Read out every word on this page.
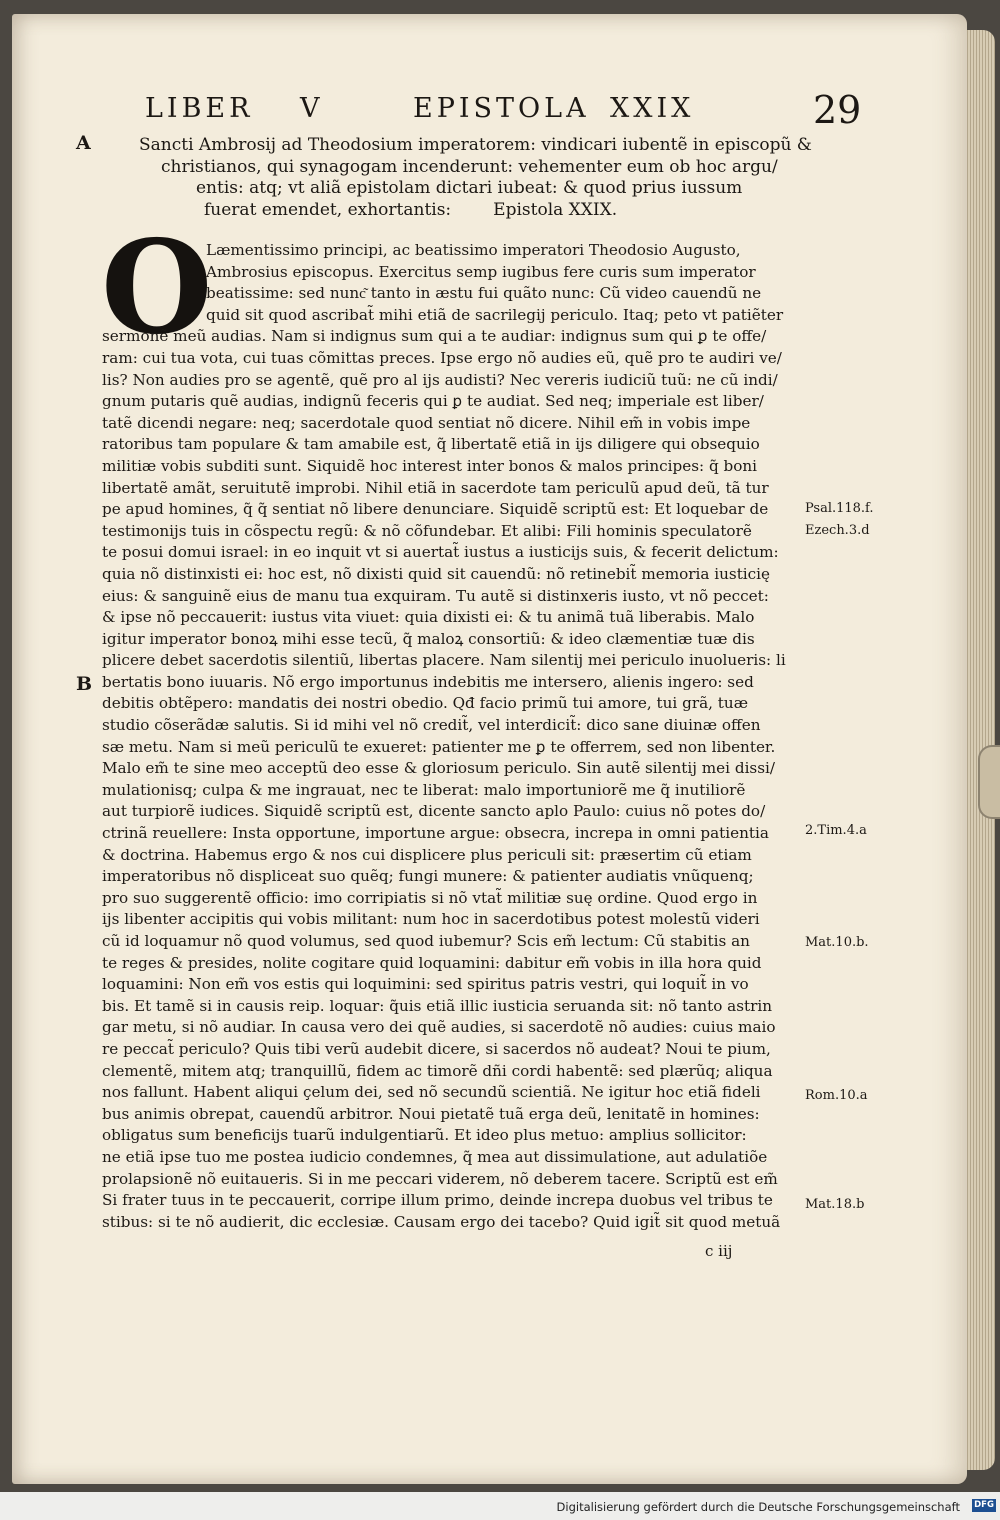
LIBER V	EPISTOLA XXIX	29
A
B
Sancti Ambrosij ad Theodosium imperatorem: vindicari iubentẽ in episcopũ &
christianos, qui synagogam incenderunt: vehementer eum ob hoc argu/
entis: atq; vt aliã epistolam dictari iubeat: & quod prius iussum
fuerat emendet, exhortantis: Epistola XXIX.
O
Læmentissimo principi, ac beatissimo imperatori Theodosio Augusto,
Ambrosius episcopus. Exercitus semp iugibus fere curis sum imperator
beatissime: sed nunc͂ tanto in æstu fui quãto nunc: Cũ video cauendũ ne
quid sit quod ascribat̃ mihi etiã de sacrilegij periculo. Itaq; peto vt patiẽter
sermonẽ meũ audias. Nam si indignus sum qui a te audiar: indignus sum qui ꝑ te offe/
ram: cui tua vota, cui tuas cõmittas preces. Ipse ergo nõ audies eũ, quẽ pro te audiri ve/
lis? Non audies pro se agentẽ, quẽ pro al ijs audisti? Nec vereris iudiciũ tuũ: ne cũ indi/
gnum putaris quẽ audias, indignũ feceris qui ꝑ te audiat. Sed neq; imperiale est liber/
tatẽ dicendi negare: neq; sacerdotale quod sentiat nõ dicere. Nihil em̃ in vobis impe
ratoribus tam populare & tam amabile est, q̃ libertatẽ etiã in ijs diligere qui obsequio
militiæ vobis subditi sunt. Siquidẽ hoc interest inter bonos & malos principes: q̃ boni
libertatẽ amãt, seruitutẽ improbi. Nihil etiã in sacerdote tam periculũ apud deũ, tã tur
pe apud homines, q̃ q̃ sentiat nõ libere denunciare. Siquidẽ scriptũ est: Et loquebar de
testimonijs tuis in cõspectu regũ: & nõ cõfundebar. Et alibi: Fili hominis speculatorẽ
te posui domui israel: in eo inquit vt si auertat̃ iustus a iusticijs suis, & fecerit delictum:
quia nõ distinxisti ei: hoc est, nõ dixisti quid sit cauendũ: nõ retinebit̃ memoria iusticię
eius: & sanguinẽ eius de manu tua exquiram. Tu autẽ si distinxeris iusto, vt nõ peccet:
& ipse nõ peccauerit: iustus vita viuet: quia dixisti ei: & tu animã tuã liberabis. Malo
igitur imperator bonoꝝ mihi esse tecũ, q̃ maloꝝ consortiũ: & ideo clæmentiæ tuæ dis
plicere debet sacerdotis silentiũ, libertas placere. Nam silentij mei periculo inuolueris: li
bertatis bono iuuaris. Nõ ergo importunus indebitis me intersero, alienis ingero: sed
debitis obtẽpero: mandatis dei nostri obedio. Qđ facio primũ tui amore, tui grã, tuæ
studio cõserãdæ salutis. Si id mihi vel nõ credit̃, vel interdicit̃: dico sane diuinæ offen
sæ metu. Nam si meũ periculũ te exueret: patienter me ꝑ te offerrem, sed non libenter.
Malo em̃ te sine meo acceptũ deo esse & gloriosum periculo. Sin autẽ silentij mei dissi/
mulationisq; culpa & me ingrauat, nec te liberat: malo importuniorẽ me q̃ inutiliorẽ
aut turpiorẽ iudices. Siquidẽ scriptũ est, dicente sancto aplo Paulo: cuius nõ potes do/
ctrinã reuellere: Insta opportune, importune argue: obsecra, increpa in omni patientia
& doctrina. Habemus ergo & nos cui displicere plus periculi sit: præsertim cũ etiam
imperatoribus nõ displiceat suo quẽq; fungi munere: & patienter audiatis vnũquenq;
pro suo suggerentẽ officio: imo corripiatis si nõ vtat̃ militiæ suę ordine. Quod ergo in
ijs libenter accipitis qui vobis militant: num hoc in sacerdotibus potest molestũ videri
cũ id loquamur nõ quod volumus, sed quod iubemur? Scis em̃ lectum: Cũ stabitis an
te reges & presides, nolite cogitare quid loquamini: dabitur em̃ vobis in illa hora quid
loquamini: Non em̃ vos estis qui loquimini: sed spiritus patris vestri, qui loquit̃ in vo
bis. Et tamẽ si in causis reip. loquar: q̃uis etiã illic iusticia seruanda sit: nõ tanto astrin
gar metu, si nõ audiar. In causa vero dei quẽ audies, si sacerdotẽ nõ audies: cuius maio
re peccat̃ periculo? Quis tibi verũ audebit dicere, si sacerdos nõ audeat? Noui te pium,
clementẽ, mitem atq; tranquillũ, fidem ac timorẽ dñi cordi habentẽ: sed plærũq; aliqua
nos fallunt. Habent aliqui çelum dei, sed nõ secundũ scientiã. Ne igitur hoc etiã fideli
bus animis obrepat, cauendũ arbitror. Noui pietatẽ tuã erga deũ, lenitatẽ in homines:
obligatus sum beneficijs tuarũ indulgentiarũ. Et ideo plus metuo: amplius sollicitor:
ne etiã ipse tuo me postea iudicio condemnes, q̃ mea aut dissimulatione, aut adulatiõe
prolapsionẽ nõ euitaueris. Si in me peccari viderem, nõ deberem tacere. Scriptũ est em̃
Si frater tuus in te peccauerit, corripe illum primo, deinde increpa duobus vel tribus te
stibus: si te nõ audierit, dic ecclesiæ. Causam ergo dei tacebo? Quid igit̃ sit quod metuã
Psal.118.f.
Ezech.3.d
2.Tim.4.a
Mat.10.b.
Rom.10.a
Mat.18.b
c iij
Digitalisierung gefördert durch die Deutsche Forschungsgemeinschaft DFG
